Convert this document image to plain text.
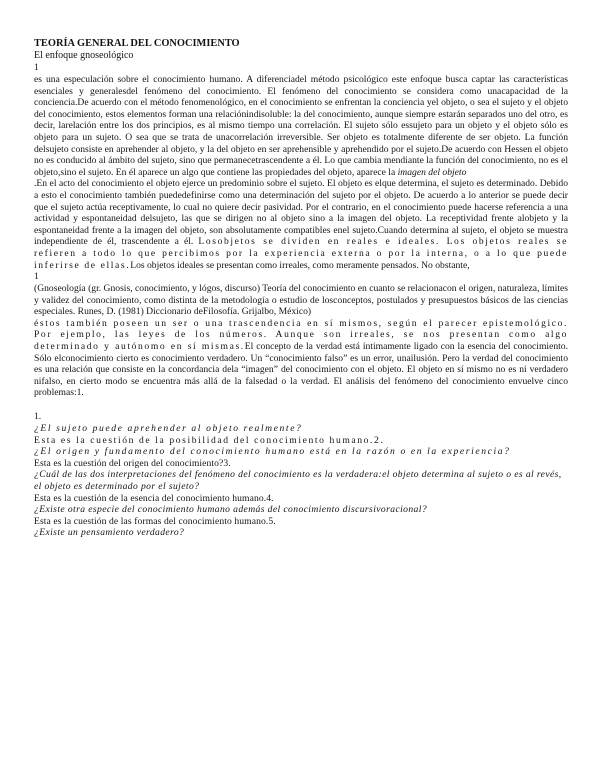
TEORÍA GENERAL DEL CONOCIMIENTO
El enfoque gnoseológico
1

es una especulación sobre el conocimiento humano. A diferenciadel método psicológico este enfoque busca captar las características esenciales y generalesdel fenómeno del conocimiento. El fenómeno del conocimiento se considera como unacapacidad de la conciencia.De acuerdo con el método fenomenológico, en el conocimiento se enfrentan la conciencia yel objeto, o sea el sujeto y el objeto del conocimiento, estos elementos forman una relaciónindisoluble: la del conocimiento, aunque siempre estarán separados uno del otro, es decir, larelación entre los dos principios, es al mismo tiempo una correlación. El sujeto sólo essujeto para un objeto y el objeto sólo es objeto para un sujeto. O sea que se trata de unacorrelación irreversible. Ser objeto es totalmente diferente de ser objeto. La función delsujeto consiste en aprehender al objeto, y la del objeto en ser aprehensible y aprehendido por el sujeto.De acuerdo con Hessen el objeto no es conducido al ámbito del sujeto, sino que permanecetrascendente a él. Lo que cambia mendiante la función del conocimiento, no es el objeto,sino el sujeto. En él aparece un algo que contiene las propiedades del objeto, aparece la imagen del objeto

.En el acto del conocimiento el objeto ejerce un predominio sobre el sujeto. El objeto es elque determina, el sujeto es determinado. Debido a esto el conocimiento también puededefinirse como una determinación del sujeto por el objeto. De acuerdo a lo anterior se puede decir que el sujeto actúa receptivamente, lo cual no quiere decir pasividad. Por el contrario, en el conocimiento puede hacerse referencia a una actividad y espontaneidad delsujeto, las que se dirigen no al objeto sino a la imagen del objeto. La receptividad frente alobjeto y la espontaneidad frente a la imagen del objeto, son absolutamente compatibles enel sujeto.Cuando determina al sujeto, el objeto se muestra independiente de él, trascendente a él. Losobjetos se dividen en reales e ideales. Los objetos reales se refieren a todo lo que percibimos por la experiencia externa o por la interna, o a lo que puede inferirse de ellas.Los objetos ideales se presentan como irreales, como meramente pensados. No obstante,

1

(Gnoseología (gr. Gnosis, conocimiento, y lógos, discurso) Teoría del conocimiento en cuanto se relacionacon el origen, naturaleza, límites y validez del conocimiento, como distinta de la metodología o estudio de losconceptos, postulados y presupuestos básicos de las ciencias especiales. Runes, D. (1981) Diccionario deFilosofía. Grijalbo, México)

éstos también poseen un ser o una trascendencia en sí mismos, según el parecer epistemológico. Por ejemplo, las leyes de los números. Aunque son irreales, se nos presentan como algo determinado y autónomo en sí mismas.El concepto de la verdad está íntimamente ligado con la esencia del conocimiento. Sólo elconocimiento cierto es conocimiento verdadero. Un “conocimiento falso” es un error, unailusión. Pero la verdad del conocimiento es una relación que consiste en la concordancia dela “imagen” del conocimiento con el objeto. El objeto en sí mismo no es ni verdadero nifalso, en cierto modo se encuentra más allá de la falsedad o la verdad. El análisis del fenómeno del conocimiento envuelve cinco problemas:1.

1.

¿El sujeto puede aprehender al objeto realmente?

Esta es la cuestión de la posibilidad del conocimiento humano.2.

¿El origen y fundamento del conocimiento humano está en la razón o en la experiencia?

Esta es la cuestión del origen del conocimiento?3.

¿Cuál de las dos interpretaciones del fenómeno del conocimiento es la verdadera:el objeto determina al sujeto o es al revés, el objeto es determinado por el sujeto?

Esta es la cuestión de la esencia del conocimiento humano.4.

¿Existe otra especie del conocimiento humano además del conocimiento discursivoracional?

Esta es la cuestión de las formas del conocimiento humano.5.

¿Existe un pensamiento verdadero?
